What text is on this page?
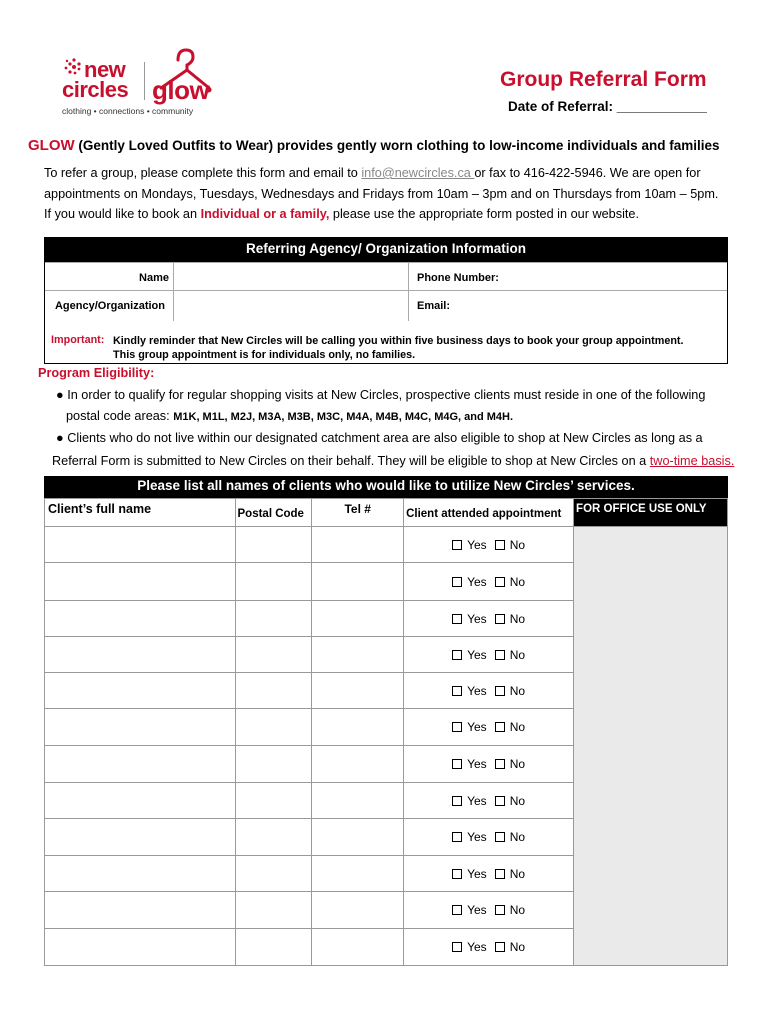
new
circles glow
clothing • connections • community
Group Referral Form
Date of Referral: ____________
GLOW (Gently Loved Outfits to Wear) provides gently worn clothing to low-income individuals and families
To refer a group, please complete this form and email to info@newcircles.ca or fax to 416-422-5946. We are open for
appointments on Mondays, Tuesdays, Wednesdays and Fridays from 10am – 3pm and on Thursdays from 10am – 5pm.
If you would like to book an Individual or a family, please use the appropriate form posted in our website.
Referring Agency/ Organization Information
Name	Phone Number:
Agency/Organization	Email:
Important: Kindly reminder that New Circles will be calling you within five business days to book your group appointment.
This group appointment is for individuals only, no families.
Program Eligibility:
● In order to qualify for regular shopping visits at New Circles, prospective clients must reside in one of the following
postal code areas: M1K, M1L, M2J, M3A, M3B, M3C, M4A, M4B, M4C, M4G, and M4H.
● Clients who do not live within our designated catchment area are also eligible to shop at New Circles as long as a
Referral Form is submitted to New Circles on their behalf. They will be eligible to shop at New Circles on a two-time basis.
Please list all names of clients who would like to utilize New Circles’ services.
Client’s full name	Postal Code	Tel #	Client attended appointment	FOR OFFICE USE ONLY
			Yes No	
			Yes No	
			Yes No	
			Yes No	
			Yes No	
			Yes No	
			Yes No	
			Yes No	
			Yes No	
			Yes No	
			Yes No	
			Yes No	
